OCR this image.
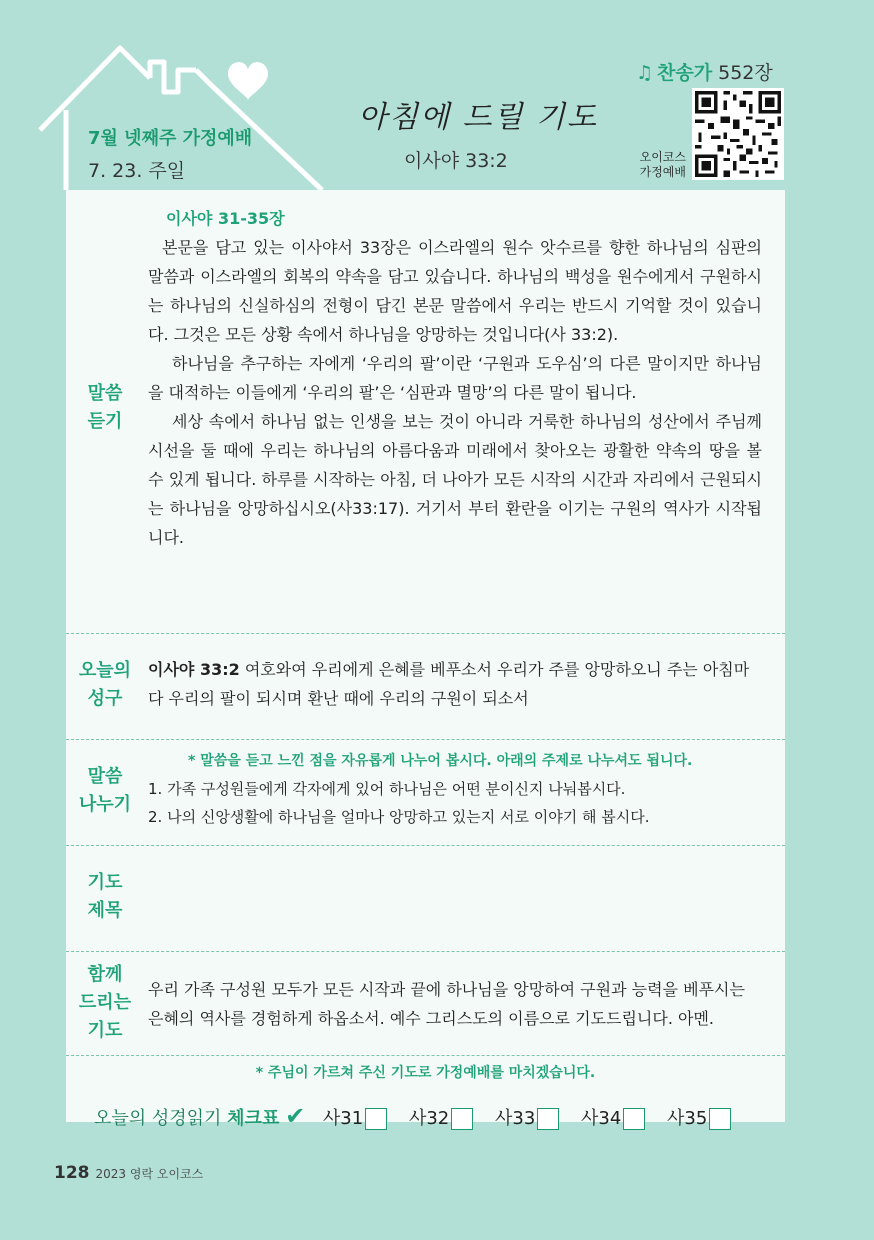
7월 넷째주 가정예배
7. 23. 주일
아침에 드릴 기도
이사야 33:2
♫ 찬송가 552장
오이코스
가정예배
말씀
듣기
이사야 31-35장
본문을 담고 있는 이사야서 33장은 이스라엘의 원수 앗수르를 향한 하나님의 심판의 말씀과 이스라엘의 회복의 약속을 담고 있습니다. 하나님의 백성을 원수에게서 구원하시는 하나님의 신실하심의 전형이 담긴 본문 말씀에서 우리는 반드시 기억할 것이 있습니다. 그것은 모든 상황 속에서 하나님을 앙망하는 것입니다(사 33:2).
하나님을 추구하는 자에게 ‘우리의 팔’이란 ‘구원과 도우심’의 다른 말이지만 하나님을 대적하는 이들에게 ‘우리의 팔’은 ‘심판과 멸망’의 다른 말이 됩니다.
세상 속에서 하나님 없는 인생을 보는 것이 아니라 거룩한 하나님의 성산에서 주님께 시선을 둘 때에 우리는 하나님의 아름다움과 미래에서 찾아오는 광활한 약속의 땅을 볼 수 있게 됩니다. 하루를 시작하는 아침, 더 나아가 모든 시작의 시간과 자리에서 근원되시는 하나님을 앙망하십시오(사33:17). 거기서 부터 환란을 이기는 구원의 역사가 시작됩니다.
오늘의
성구
이사야 33:2 여호와여 우리에게 은혜를 베푸소서 우리가 주를 앙망하오니 주는 아침마다 우리의 팔이 되시며 환난 때에 우리의 구원이 되소서
말씀
나누기
* 말씀을 듣고 느낀 점을 자유롭게 나누어 봅시다. 아래의 주제로 나누셔도 됩니다.
1. 가족 구성원들에게 각자에게 있어 하나님은 어떤 분이신지 나눠봅시다.
2. 나의 신앙생활에 하나님을 얼마나 앙망하고 있는지 서로 이야기 해 봅시다.
기도
제목
함께
드리는
기도
우리 가족 구성원 모두가 모든 시작과 끝에 하나님을 앙망하여 구원과 능력을 베푸시는 은혜의 역사를 경험하게 하옵소서. 예수 그리스도의 이름으로 기도드립니다. 아멘.
* 주님이 가르쳐 주신 기도로 가정예배를 마치겠습니다.
오늘의 성경읽기 체크표 ✔ 사31	사32	사33	사34	사35
128 2023 영락 오이코스
